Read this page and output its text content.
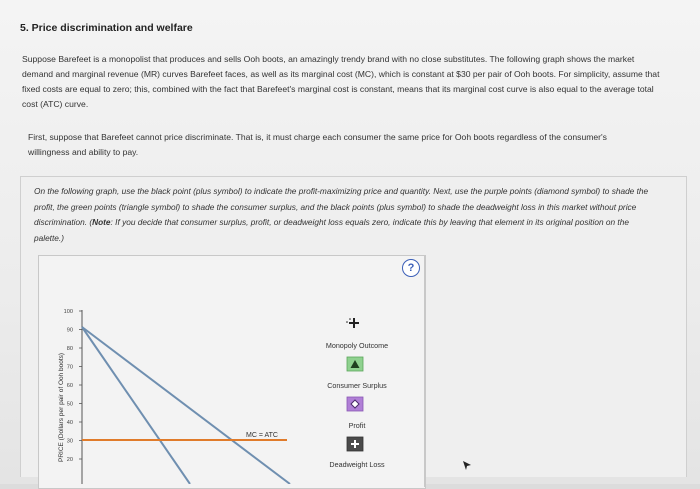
5. Price discrimination and welfare
Suppose Barefeet is a monopolist that produces and sells Ooh boots, an amazingly trendy brand with no close substitutes. The following graph shows the market demand and marginal revenue (MR) curves Barefeet faces, as well as its marginal cost (MC), which is constant at $30 per pair of Ooh boots. For simplicity, assume that fixed costs are equal to zero; this, combined with the fact that Barefeet's marginal cost is constant, means that its marginal cost curve is also equal to the average total cost (ATC) curve.
First, suppose that Barefeet cannot price discriminate. That is, it must charge each consumer the same price for Ooh boots regardless of the consumer's willingness and ability to pay.
On the following graph, use the black point (plus symbol) to indicate the profit-maximizing price and quantity. Next, use the purple points (diamond symbol) to shade the profit, the green points (triangle symbol) to shade the consumer surplus, and the black points (plus symbol) to shade the deadweight loss in this market without price discrimination. (Note: If you decide that consumer surplus, profit, or deadweight loss equals zero, indicate this by leaving that element in its original position on the palette.)
?
100
90
80
70
60
50
40
30
20
PRICE (Dollars per pair of Ooh boots)	MC = ATC
Monopoly Outcome
Consumer Surplus
Profit
Deadweight Loss
